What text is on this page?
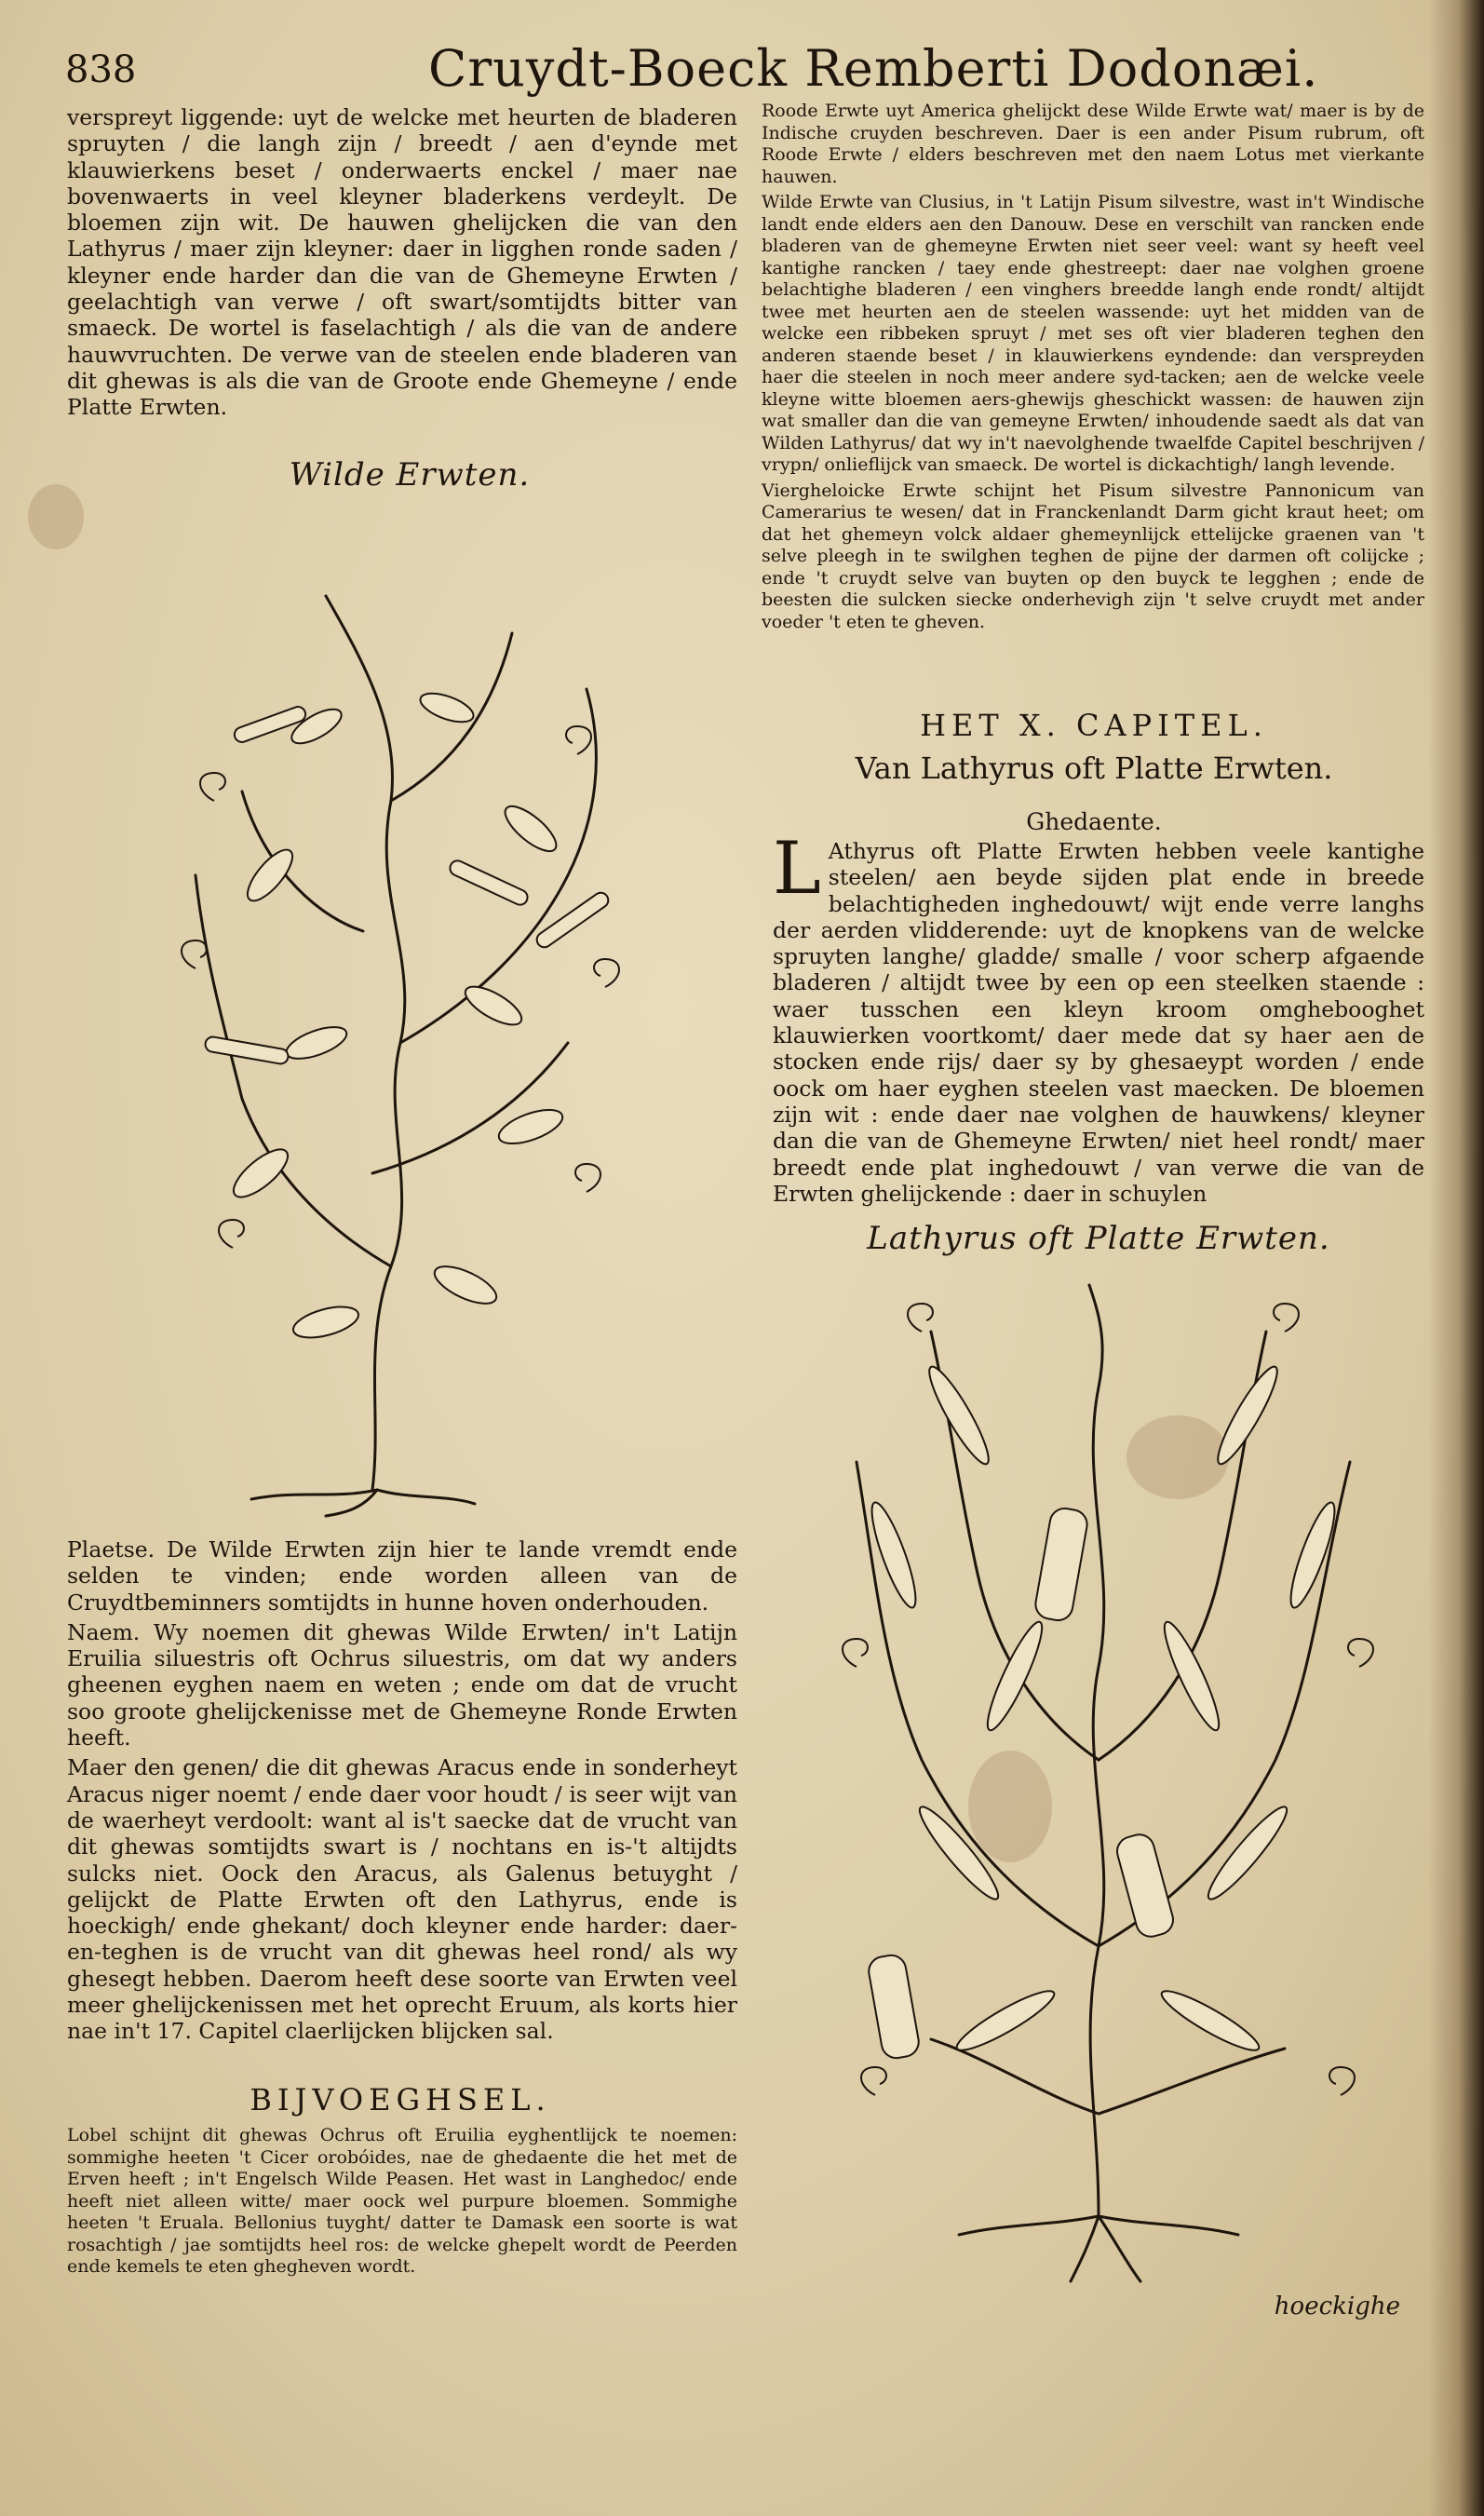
838	Cruydt-Boeck Remberti Dodonæi.

verspreyt liggende: uyt de welcke met heurten de bladeren spruyten / die langh zijn / breedt / aen d'eynde met klauwierkens beset / onderwaerts enckel / maer nae bovenwaerts in veel kleyner bladerkens verdeylt. De bloemen zijn wit. De hauwen ghelijcken die van den Lathyrus / maer zijn kleyner: daer in ligghen ronde saden / kleyner ende harder dan die van de Ghemeyne Erwten / geelachtigh van verwe / oft swart/somtijdts bitter van smaeck. De wortel is faselachtigh / als die van de andere hauwvruchten. De verwe van de steelen ende bladeren van dit ghewas is als die van de Groote ende Ghemeyne / ende Platte Erwten.

Wilde Erwten.

Plaetse. De Wilde Erwten zijn hier te lande vremdt ende selden te vinden; ende worden alleen van de Cruydtbeminners somtijdts in hunne hoven onderhouden.

Naem. Wy noemen dit ghewas Wilde Erwten/ in't Latijn Eruilia siluestris oft Ochrus siluestris, om dat wy anders gheenen eyghen naem en weten ; ende om dat de vrucht soo groote ghelijckenisse met de Ghemeyne Ronde Erwten heeft.

Maer den genen/ die dit ghewas Aracus ende in sonderheyt Aracus niger noemt / ende daer voor houdt / is seer wijt van de waerheyt verdoolt: want al is't saecke dat de vrucht van dit ghewas somtijdts swart is / nochtans en is-'t altijdts sulcks niet. Oock den Aracus, als Galenus betuyght / gelijckt de Platte Erwten oft den Lathyrus, ende is hoeckigh/ ende ghekant/ doch kleyner ende harder: daer-en-teghen is de vrucht van dit ghewas heel rond/ als wy ghesegt hebben. Daerom heeft dese soorte van Erwten veel meer ghelijckenissen met het oprecht Eruum, als korts hier nae in't 17. Capitel claerlijcken blijcken sal.

BIJVOEGHSEL.

Lobel schijnt dit ghewas Ochrus oft Eruilia eyghentlijck te noemen: sommighe heeten 't Cicer orobóides, nae de ghedaente die het met de Erven heeft ; in't Engelsch Wilde Peasen. Het wast in Langhedoc/ ende heeft niet alleen witte/ maer oock wel purpure bloemen. Sommighe heeten 't Eruala. Bellonius tuyght/ datter te Damask een soorte is wat rosachtigh / jae somtijdts heel ros: de welcke ghepelt wordt de Peerden ende kemels te eten ghegheven wordt.

Roode Erwte uyt America ghelijckt dese Wilde Erwte wat/ maer is by de Indische cruyden beschreven. Daer is een ander Pisum rubrum, oft Roode Erwte / elders beschreven met den naem Lotus met vierkante hauwen.

Wilde Erwte van Clusius, in 't Latijn Pisum silvestre, wast in't Windische landt ende elders aen den Danouw. Dese en verschilt van rancken ende bladeren van de ghemeyne Erwten niet seer veel: want sy heeft veel kantighe rancken / taey ende ghestreept: daer nae volghen groene belachtighe bladeren / een vinghers breedde langh ende rondt/ altijdt twee met heurten aen de steelen wassende: uyt het midden van de welcke een ribbeken spruyt / met ses oft vier bladeren teghen den anderen staende beset / in klauwierkens eyndende: dan verspreyden haer die steelen in noch meer andere syd-tacken; aen de welcke veele kleyne witte bloemen aers-ghewijs gheschickt wassen: de hauwen zijn wat smaller dan die van gemeyne Erwten/ inhoudende saedt als dat van Wilden Lathyrus/ dat wy in't naevolghende twaelfde Capitel beschrijven / vrypn/ onlieflijck van smaeck. De wortel is dickachtigh/ langh levende.

Viergheloicke Erwte schijnt het Pisum silvestre Pannonicum van Camerarius te wesen/ dat in Franckenlandt Darm gicht kraut heet; om dat het ghemeyn volck aldaer ghemeynlijck ettelijcke graenen van 't selve pleegh in te swilghen teghen de pijne der darmen oft colijcke ; ende 't cruydt selve van buyten op den buyck te legghen ; ende de beesten die sulcken siecke onderhevigh zijn 't selve cruydt met ander voeder 't eten te gheven.

HET X. CAPITEL.
Van Lathyrus oft Platte Erwten.
Ghedaente.

L Athyrus oft Platte Erwten hebben veele kantighe steelen/ aen beyde sijden plat ende in breede belachtigheden inghedouwt/ wijt ende verre langhs der aerden vlidderende: uyt de knopkens van de welcke spruyten langhe/ gladde/ smalle / voor scherp afgaende bladeren / altijdt twee by een op een steelken staende : waer tusschen een kleyn kroom omghebooghet klauwierken voortkomt/ daer mede dat sy haer aen de stocken ende rijs/ daer sy by ghesaeypt worden / ende oock om haer eyghen steelen vast maecken. De bloemen zijn wit : ende daer nae volghen de hauwkens/ kleyner dan die van de Ghemeyne Erwten/ niet heel rondt/ maer breedt ende plat inghedouwt / van verwe die van de Erwten ghelijckende : daer in schuylen

Lathyrus oft Platte Erwten.
hoeckighe
